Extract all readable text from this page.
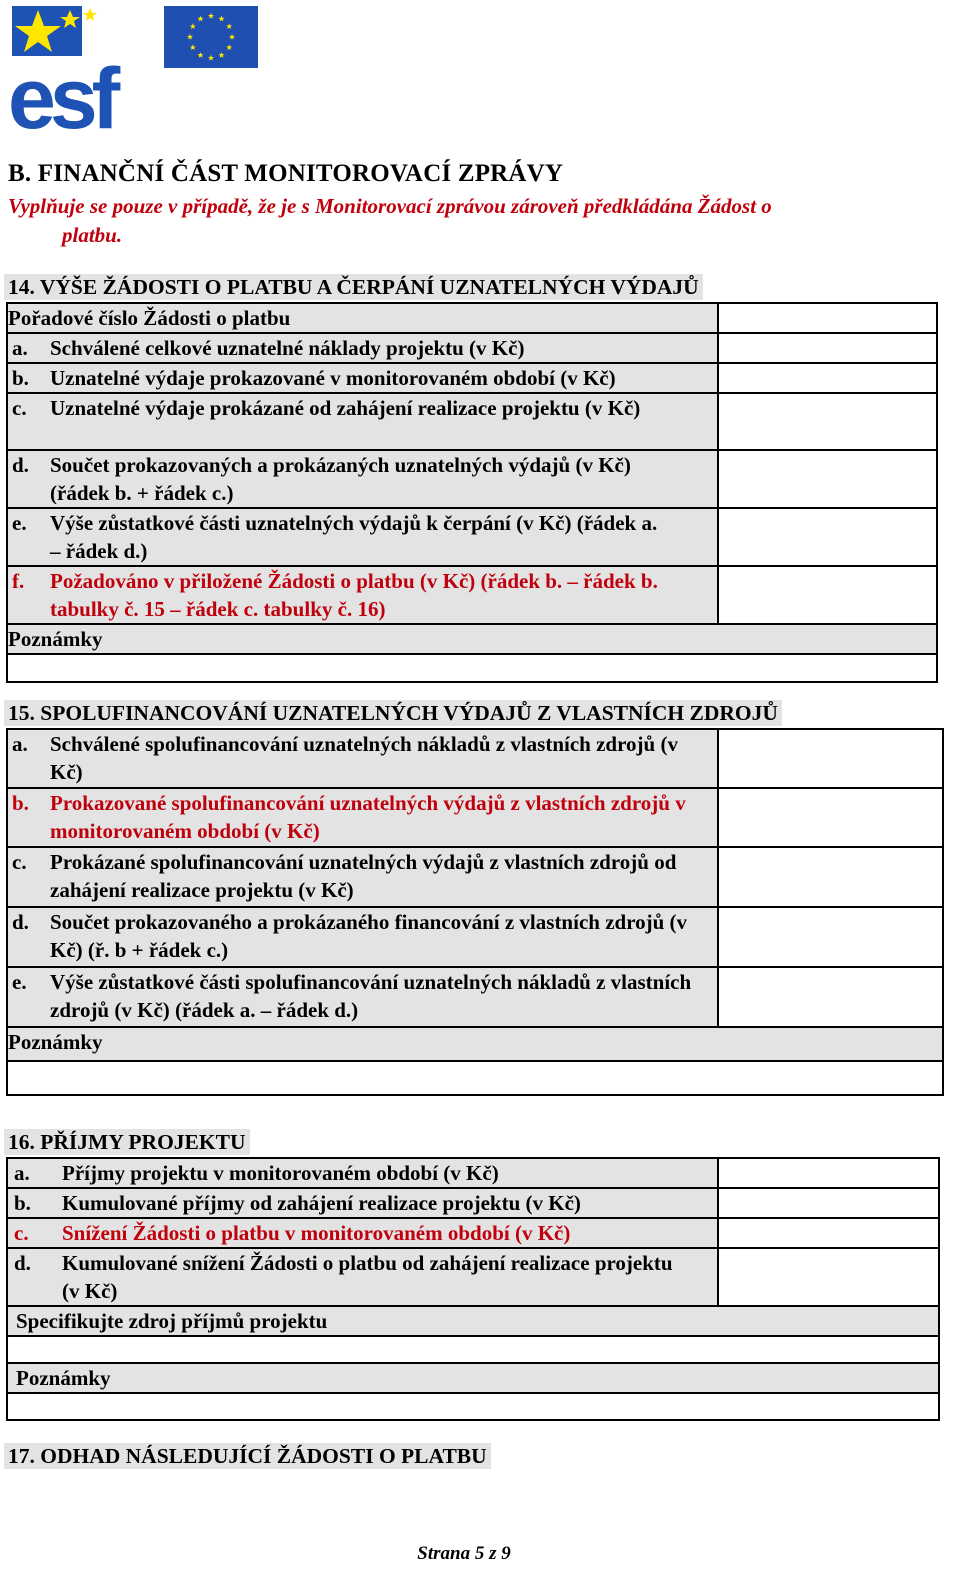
esf
B. FINANČNÍ ČÁST MONITOROVACÍ ZPRÁVY
Vyplňuje se pouze v případě, že je s Monitorovací zprávou zároveň předkládána Žádost o
platbu.
14. VÝŠE ŽÁDOSTI O PLATBU A ČERPÁNÍ UZNATELNÝCH VÝDAJŮ
Pořadové číslo Žádosti o platbu	

a. Schválené celkové uznatelné náklady projektu (v Kč)	

b. Uznatelné výdaje prokazované v monitorovaném období (v Kč)	

c. Uznatelné výdaje prokázané od zahájení realizace projektu (v Kč)	

d. Součet prokazovaných a prokázaných uznatelných výdajů (v Kč) (řádek b. + řádek c.)	

e. Výše zůstatkové části uznatelných výdajů k čerpání (v Kč) (řádek a. – řádek d.)	

f. Požadováno v přiložené Žádosti o platbu (v Kč) (řádek b. – řádek b. tabulky č. 15 – řádek c. tabulky č. 16)	

Poznámky	

15. SPOLUFINANCOVÁNÍ UZNATELNÝCH VÝDAJŮ Z VLASTNÍCH ZDROJŮ
a. Schválené spolufinancování uznatelných nákladů z vlastních zdrojů (v Kč)	

b. Prokazované spolufinancování uznatelných výdajů z vlastních zdrojů v monitorovaném období (v Kč)	

c. Prokázané spolufinancování uznatelných výdajů z vlastních zdrojů od zahájení realizace projektu (v Kč)	

d. Součet prokazovaného a prokázaného financování z vlastních zdrojů (v Kč) (ř. b + řádek c.)	

e. Výše zůstatkové části spolufinancování uznatelných nákladů z vlastních zdrojů (v Kč) (řádek a. – řádek d.)	

Poznámky	

16. PŘÍJMY PROJEKTU
a. Příjmy projektu v monitorovaném období (v Kč)	

b. Kumulované příjmy od zahájení realizace projektu (v Kč)	

c. Snížení Žádosti o platbu v monitorovaném období (v Kč)	

d. Kumulované snížení Žádosti o platbu od zahájení realizace projektu (v Kč)	

Specifikujte zdroj příjmů projektu	

Poznámky	

17. ODHAD NÁSLEDUJÍCÍ ŽÁDOSTI O PLATBU
Strana 5 z 9
